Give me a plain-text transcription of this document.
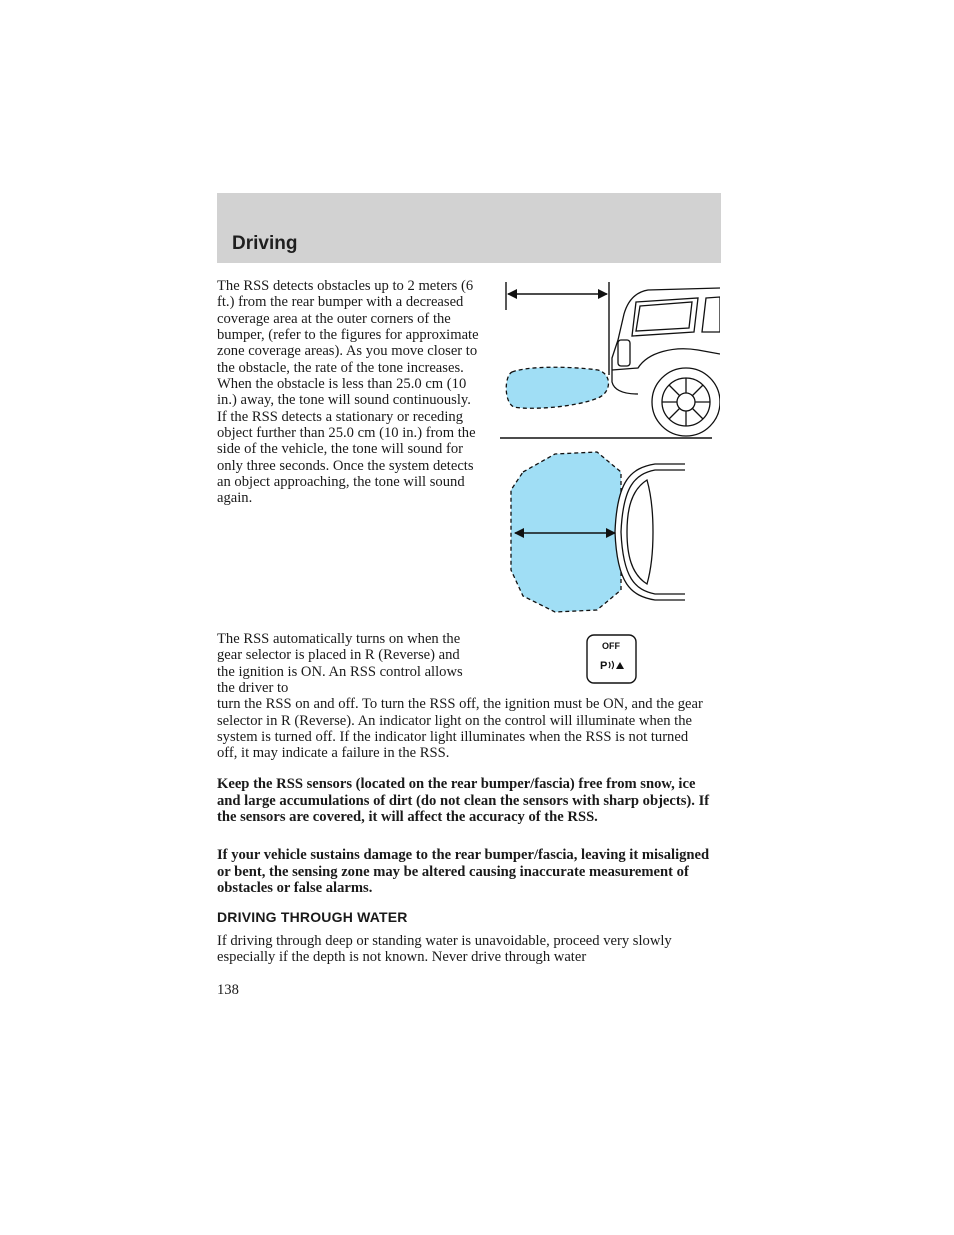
Driving

The RSS detects obstacles up to 2 meters (6 ft.) from the rear bumper with a decreased coverage area at the outer corners of the bumper, (refer to the figures for approximate zone coverage areas). As you move closer to the obstacle, the rate of the tone increases. When the obstacle is less than 25.0 cm (10 in.) away, the tone will sound continuously. If the RSS detects a stationary or receding object further than 25.0 cm (10 in.) from the side of the vehicle, the tone will sound for only three seconds. Once the system detects an object approaching, the tone will sound again.

OFF
P

The RSS automatically turns on when the gear selector is placed in R (Reverse) and the ignition is ON. An RSS control allows the driver to
turn the RSS on and off. To turn the RSS off, the ignition must be ON, and the gear selector in R (Reverse). An indicator light on the control will illuminate when the system is turned off. If the indicator light illuminates when the RSS is not turned off, it may indicate a failure in the RSS.

Keep the RSS sensors (located on the rear bumper/fascia) free from snow, ice and large accumulations of dirt (do not clean the sensors with sharp objects). If the sensors are covered, it will affect the accuracy of the RSS.

If your vehicle sustains damage to the rear bumper/fascia, leaving it misaligned or bent, the sensing zone may be altered causing inaccurate measurement of obstacles or false alarms.

DRIVING THROUGH WATER

If driving through deep or standing water is unavoidable, proceed very slowly especially if the depth is not known. Never drive through water

138
